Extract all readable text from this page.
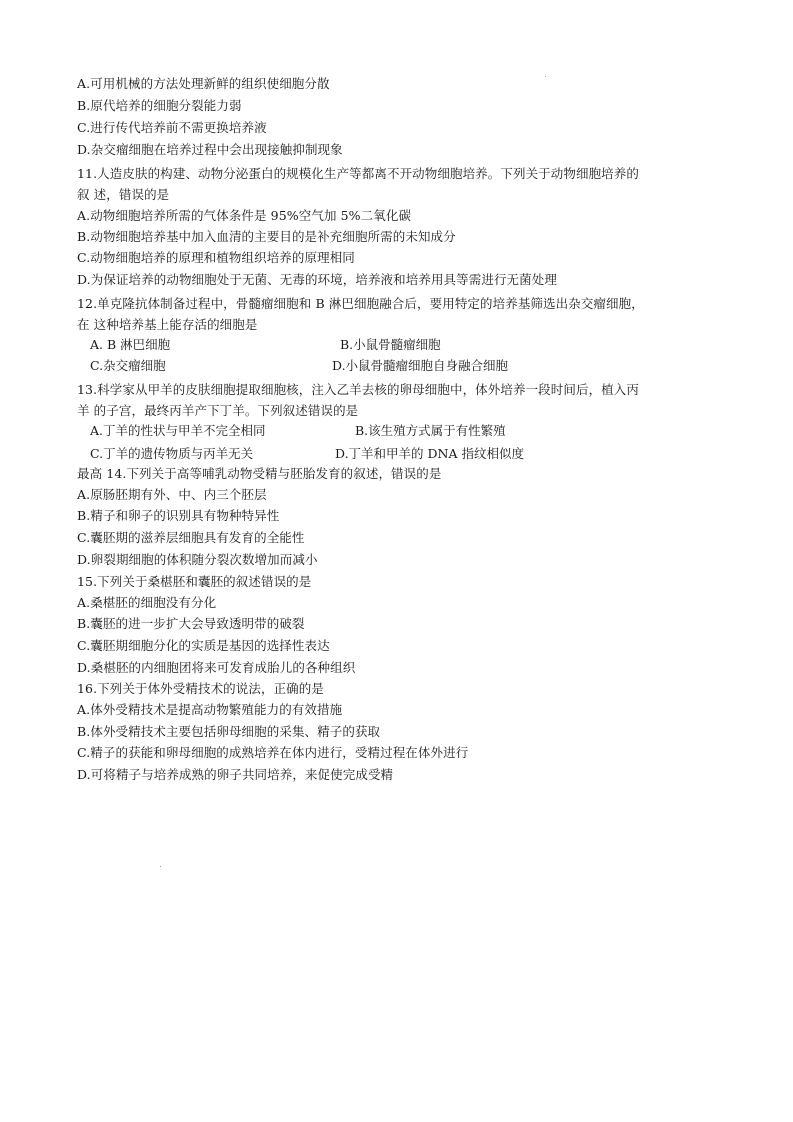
A.可用机械的方法处理新鲜的组织使细胞分散
B.原代培养的细胞分裂能力弱
C.进行传代培养前不需更换培养液
D.杂交瘤细胞在培养过程中会出现接触抑制现象
11.人造皮肤的构建、动物分泌蛋白的规模化生产等都离不开动物细胞培养。下列关于动物细胞培养的
叙 述，错误的是
A.动物细胞培养所需的气体条件是 95%空气加 5%二氧化碳
B.动物细胞培养基中加入血清的主要目的是补充细胞所需的未知成分
C.动物细胞培养的原理和植物组织培养的原理相同
D.为保证培养的动物细胞处于无菌、无毒的环境，培养液和培养用具等需进行无菌处理
12.单克隆抗体制备过程中，骨髓瘤细胞和 B 淋巴细胞融合后，要用特定的培养基筛选出杂交瘤细胞，
在 这种培养基上能存活的细胞是
A. B 淋巴细胞	B.小鼠骨髓瘤细胞
C.杂交瘤细胞	D.小鼠骨髓瘤细胞自身融合细胞
13.科学家从甲羊的皮肤细胞提取细胞核，注入乙羊去核的卵母细胞中，体外培养一段时间后，植入丙
羊 的子宫，最终丙羊产下丁羊。下列叙述错误的是
A.丁羊的性状与甲羊不完全相同	B.该生殖方式属于有性繁殖
C.丁羊的遗传物质与丙羊无关	D.丁羊和甲羊的 DNA 指纹相似度
最高 14.下列关于高等哺乳动物受精与胚胎发育的叙述，错误的是
A.原肠胚期有外、中、内三个胚层
B.精子和卵子的识别具有物种特异性
C.囊胚期的滋养层细胞具有发育的全能性
D.卵裂期细胞的体积随分裂次数增加而减小
15.下列关于桑椹胚和囊胚的叙述错误的是
A.桑椹胚的细胞没有分化
B.囊胚的进一步扩大会导致透明带的破裂
C.囊胚期细胞分化的实质是基因的选择性表达
D.桑椹胚的内细胞团将来可发育成胎儿的各种组织
16.下列关于体外受精技术的说法，正确的是
A.体外受精技术是提高动物繁殖能力的有效措施
B.体外受精技术主要包括卵母细胞的采集、精子的获取
C.精子的获能和卵母细胞的成熟培养在体内进行，受精过程在体外进行
D.可将精子与培养成熟的卵子共同培养，来促使完成受精
